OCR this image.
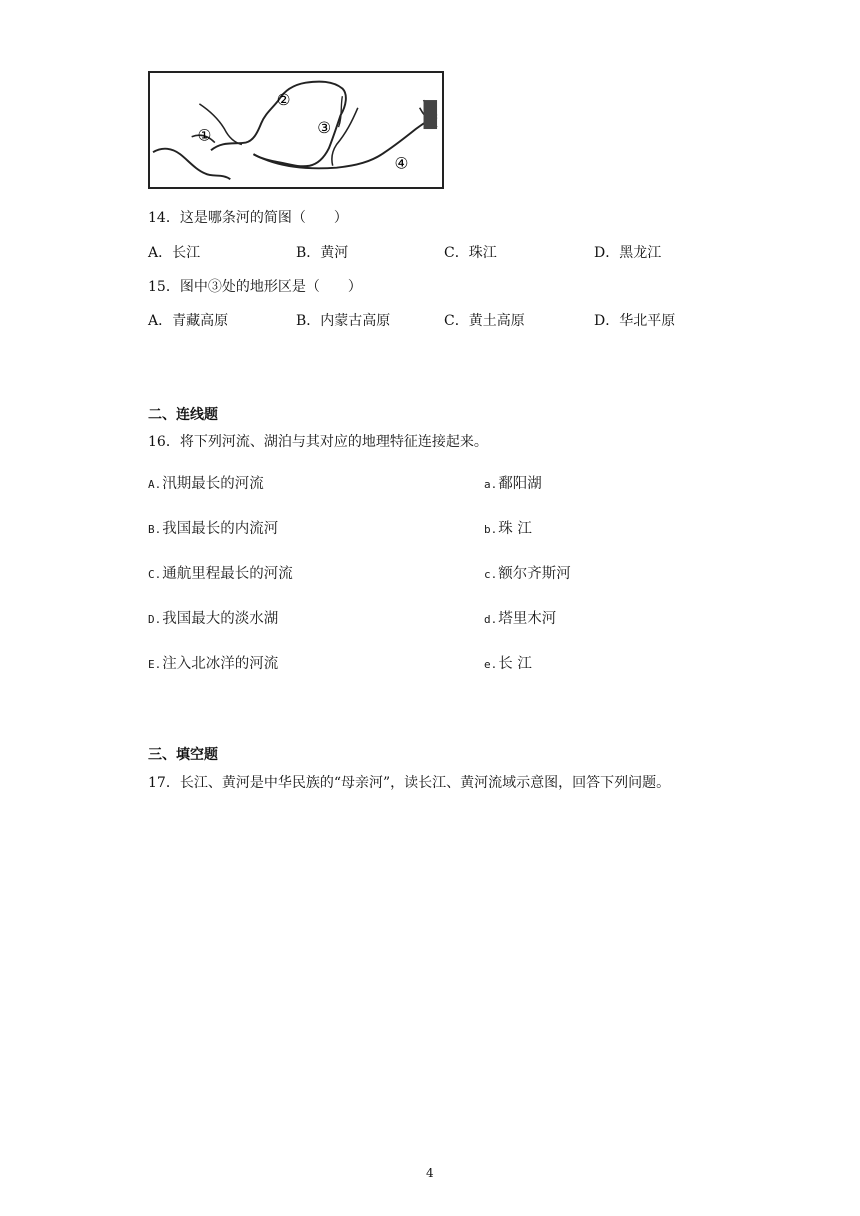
①
②
③
④
14．这是哪条河的简图（　　）
A．长江	B．黄河	C．珠江	D．黑龙江
15．图中③处的地形区是（　　）
A．青藏高原	B．内蒙古高原	C．黄土高原	D．华北平原
二、连线题
16．将下列河流、湖泊与其对应的地理特征连接起来。
A.汛期最长的河流
B.我国最长的内流河
C.通航里程最长的河流
D.我国最大的淡水湖
E.注入北冰洋的河流
a.鄱阳湖
b.珠 江
c.额尔齐斯河
d.塔里木河
e.长 江
三、填空题
17．长江、黄河是中华民族的“母亲河”，读长江、黄河流域示意图，回答下列问题。
4
